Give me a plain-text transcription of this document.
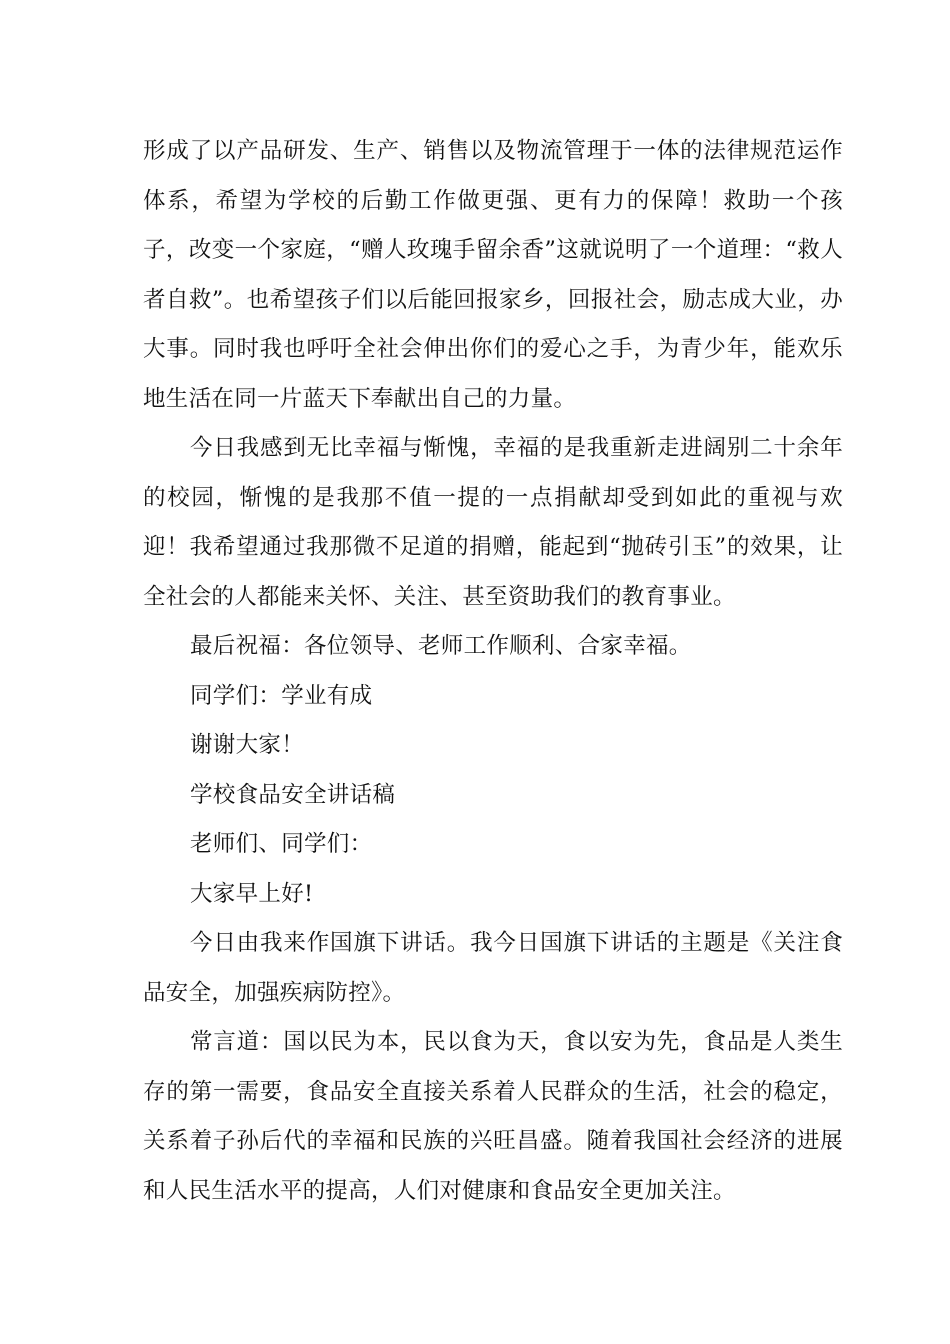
形成了以产品研发、生产、销售以及物流管理于一体的法律规范运作体系，希望为学校的后勤工作做更强、更有力的保障！救助一个孩子，改变一个家庭，“赠人玫瑰手留余香”这就说明了一个道理：“救人者自救”。也希望孩子们以后能回报家乡，回报社会，励志成大业，办大事。同时我也呼吁全社会伸出你们的爱心之手，为青少年，能欢乐地生活在同一片蓝天下奉献出自己的力量。

今日我感到无比幸福与惭愧，幸福的是我重新走进阔别二十余年的校园，惭愧的是我那不值一提的一点捐献却受到如此的重视与欢迎！我希望通过我那微不足道的捐赠，能起到“抛砖引玉”的效果，让全社会的人都能来关怀、关注、甚至资助我们的教育事业。

最后祝福：各位领导、老师工作顺利、合家幸福。

同学们：学业有成

谢谢大家！

学校食品安全讲话稿

老师们、同学们：

大家早上好!

今日由我来作国旗下讲话。我今日国旗下讲话的主题是《关注食品安全，加强疾病防控》。

常言道：国以民为本，民以食为天，食以安为先，食品是人类生存的第一需要，食品安全直接关系着人民群众的生活，社会的稳定，关系着子孙后代的幸福和民族的兴旺昌盛。随着我国社会经济的进展和人民生活水平的提高，人们对健康和食品安全更加关注。
